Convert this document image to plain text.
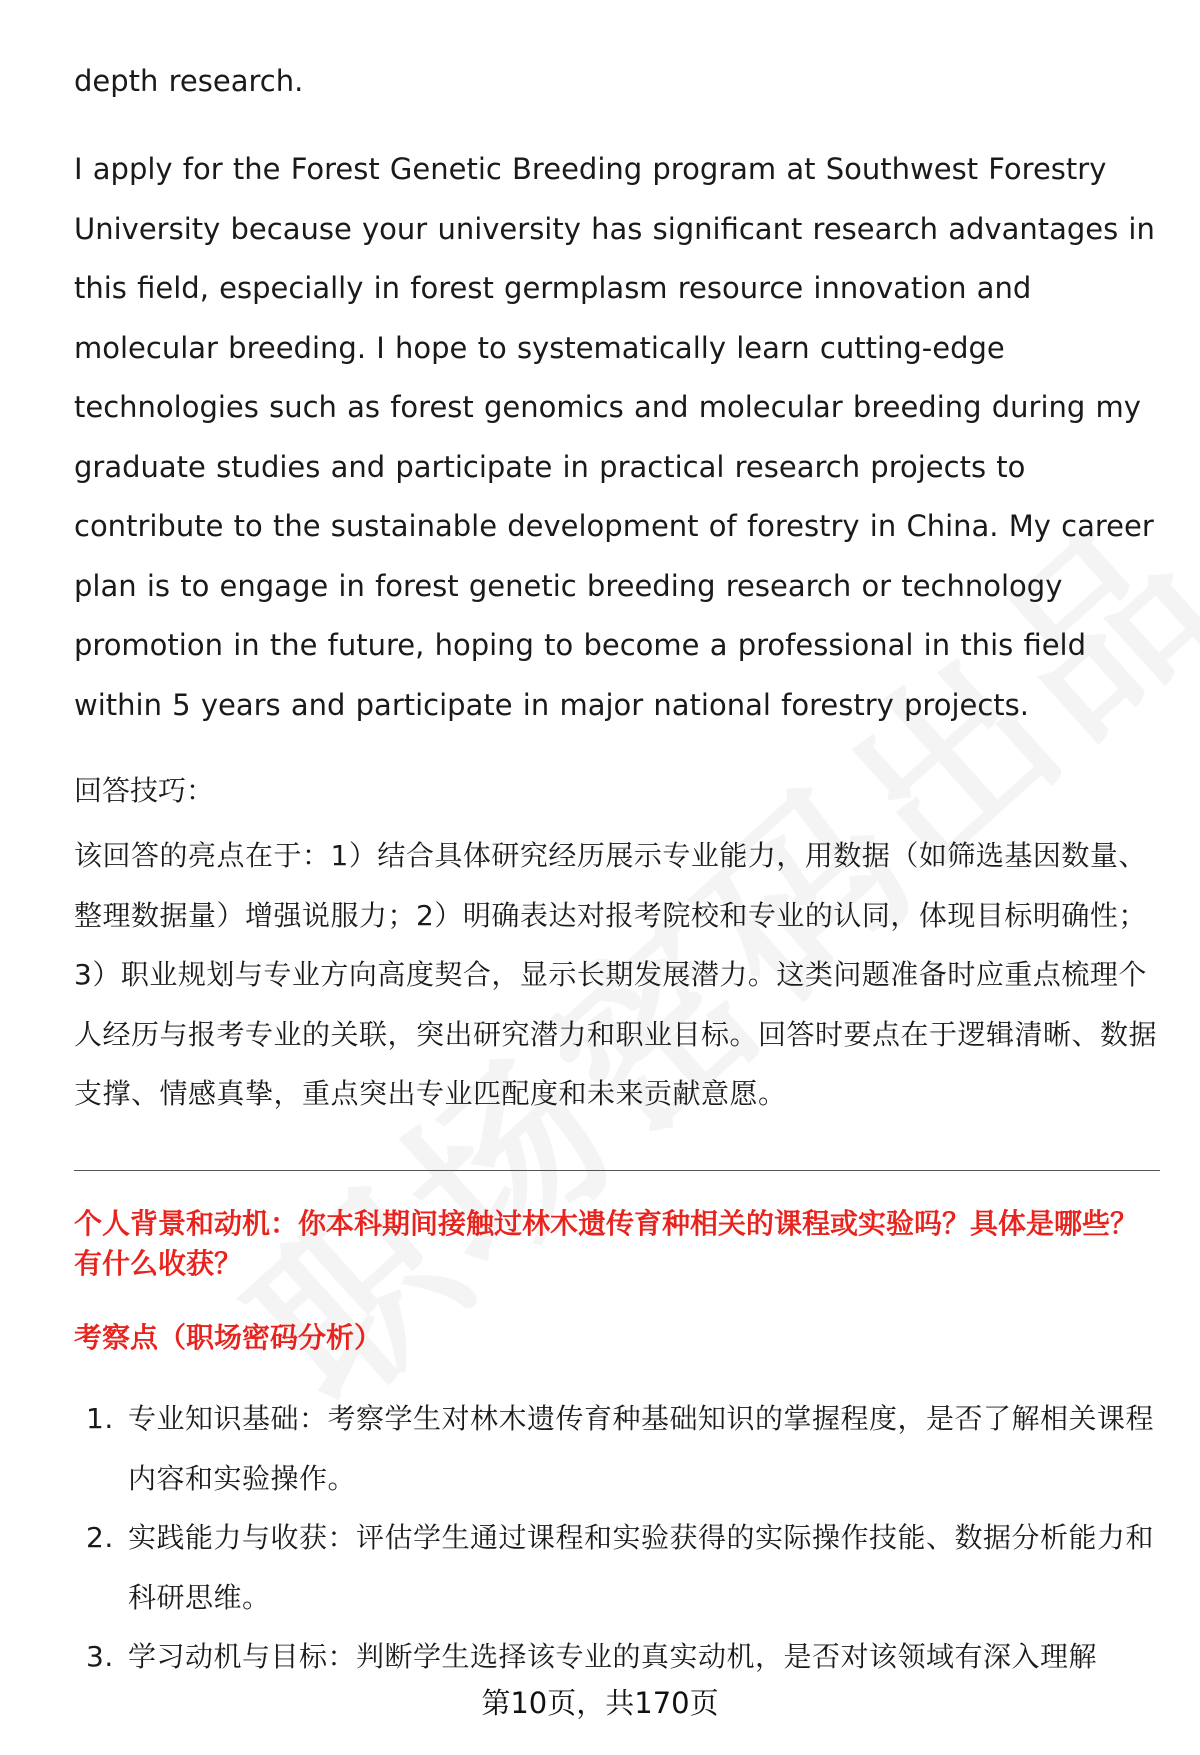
depth research.

I apply for the Forest Genetic Breeding program at Southwest Forestry University because your university has significant research advantages in this field, especially in forest germplasm resource innovation and molecular breeding. I hope to systematically learn cutting-edge technologies such as forest genomics and molecular breeding during my graduate studies and participate in practical research projects to contribute to the sustainable development of forestry in China. My career plan is to engage in forest genetic breeding research or technology promotion in the future, hoping to become a professional in this field within 5 years and participate in major national forestry projects.

回答技巧：

该回答的亮点在于：1）结合具体研究经历展示专业能力，用数据（如筛选基因数量、整理数据量）增强说服力；2）明确表达对报考院校和专业的认同，体现目标明确性；3）职业规划与专业方向高度契合，显示长期发展潜力。这类问题准备时应重点梳理个人经历与报考专业的关联，突出研究潜力和职业目标。回答时要点在于逻辑清晰、数据支撑、情感真挚，重点突出专业匹配度和未来贡献意愿。

个人背景和动机：你本科期间接触过林木遗传育种相关的课程或实验吗？具体是哪些？有什么收获？

考察点（职场密码分析）

1. 专业知识基础：考察学生对林木遗传育种基础知识的掌握程度，是否了解相关课程内容和实验操作。
2. 实践能力与收获：评估学生通过课程和实验获得的实际操作技能、数据分析能力和科研思维。
3. 学习动机与目标：判断学生选择该专业的真实动机，是否对该领域有深入理解
第10页，共170页
